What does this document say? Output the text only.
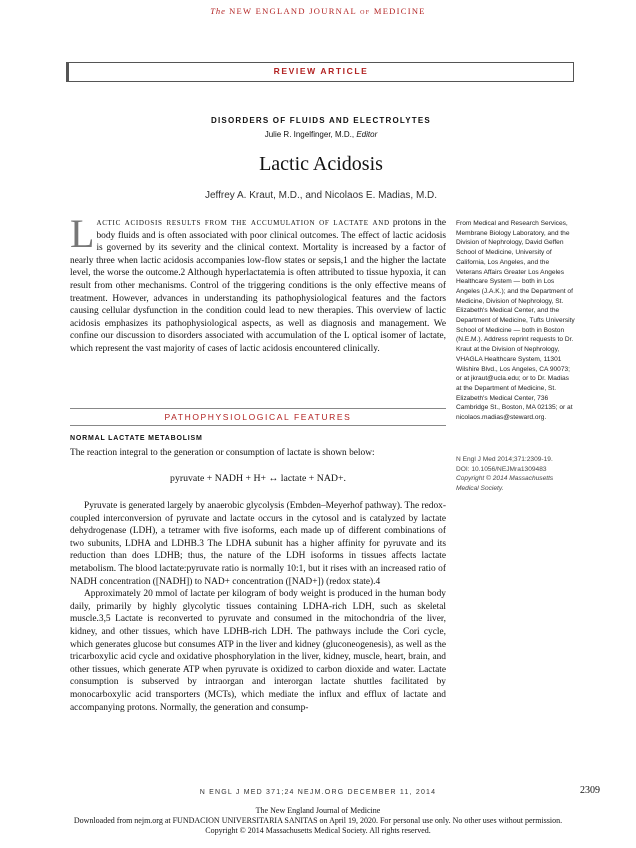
The NEW ENGLAND JOURNAL of MEDICINE
REVIEW ARTICLE
DISORDERS OF FLUIDS AND ELECTROLYTES
Julie R. Ingelfinger, M.D., Editor
Lactic Acidosis
Jeffrey A. Kraut, M.D., and Nicolaos E. Madias, M.D.
L actic acidosis results from the accumulation of lactate and protons in the body fluids and is often associated with poor clinical outcomes. The effect of lactic acidosis is governed by its severity and the clinical context. Mortality is increased by a factor of nearly three when lactic acidosis accompanies low-flow states or sepsis,1 and the higher the lactate level, the worse the outcome.2 Although hyperlactatemia is often attributed to tissue hypoxia, it can result from other mechanisms. Control of the triggering conditions is the only effective means of treatment. However, advances in understanding its pathophysiological features and the factors causing cellular dysfunction in the condition could lead to new therapies. This overview of lactic acidosis emphasizes its pathophysiological aspects, as well as diagnosis and management. We confine our discussion to disorders associated with accumulation of the L optical isomer of lactate, which represent the vast majority of cases of lactic acidosis encountered clinically.
From Medical and Research Services, Membrane Biology Laboratory, and the Division of Nephrology, David Geffen School of Medicine, University of California, Los Angeles, and the Veterans Affairs Greater Los Angeles Healthcare System — both in Los Angeles (J.A.K.); and the Department of Medicine, Division of Nephrology, St. Elizabeth's Medical Center, and the Department of Medicine, Tufts University School of Medicine — both in Boston (N.E.M.). Address reprint requests to Dr. Kraut at the Division of Nephrology, VHAGLA Healthcare System, 11301 Wilshire Blvd., Los Angeles, CA 90073; or at jkraut@ucla.edu; or to Dr. Madias at the Department of Medicine, St. Elizabeth's Medical Center, 736 Cambridge St., Boston, MA 02135; or at nicolaos.madias@steward.org.
N Engl J Med 2014;371:2309-19.
DOI: 10.1056/NEJMra1309483
Copyright © 2014 Massachusetts Medical Society.
PATHOPHYSIOLOGICAL FEATURES
NORMAL LACTATE METABOLISM
The reaction integral to the generation or consumption of lactate is shown below:
pyruvate + NADH + H+ ↔ lactate + NAD+.

Pyruvate is generated largely by anaerobic glycolysis (Embden–Meyerhof pathway). The redox-coupled interconversion of pyruvate and lactate occurs in the cytosol and is catalyzed by lactate dehydrogenase (LDH), a tetramer with five isoforms, each made up of different combinations of two subunits, LDHA and LDHB.3 The LDHA subunit has a higher affinity for pyruvate and its reduction than does LDHB; thus, the nature of the LDH isoforms in tissues affects lactate metabolism. The blood lactate:pyruvate ratio is normally 10:1, but it rises with an increased ratio of NADH concentration ([NADH]) to NAD+ concentration ([NAD+]) (redox state).4

Approximately 20 mmol of lactate per kilogram of body weight is produced in the human body daily, primarily by highly glycolytic tissues containing LDHA-rich LDH, such as skeletal muscle.3,5 Lactate is reconverted to pyruvate and consumed in the mitochondria of the liver, kidney, and other tissues, which have LDHB-rich LDH. The pathways include the Cori cycle, which generates glucose but consumes ATP in the liver and kidney (gluconeogenesis), as well as the tricarboxylic acid cycle and oxidative phosphorylation in the liver, kidney, muscle, heart, brain, and other tissues, which generate ATP when pyruvate is oxidized to carbon dioxide and water. Lactate consumption is subserved by intraorgan and interorgan lactate shuttles facilitated by monocarboxylic acid transporters (MCTs), which mediate the influx and efflux of lactate and accompanying protons. Normally, the generation and consump-

N ENGL J MED 371;24 NEJM.ORG DECEMBER 11, 2014	2309
The New England Journal of Medicine
Downloaded from nejm.org at FUNDACION UNIVERSITARIA SANITAS on April 19, 2020. For personal use only. No other uses without permission.
Copyright © 2014 Massachusetts Medical Society. All rights reserved.
